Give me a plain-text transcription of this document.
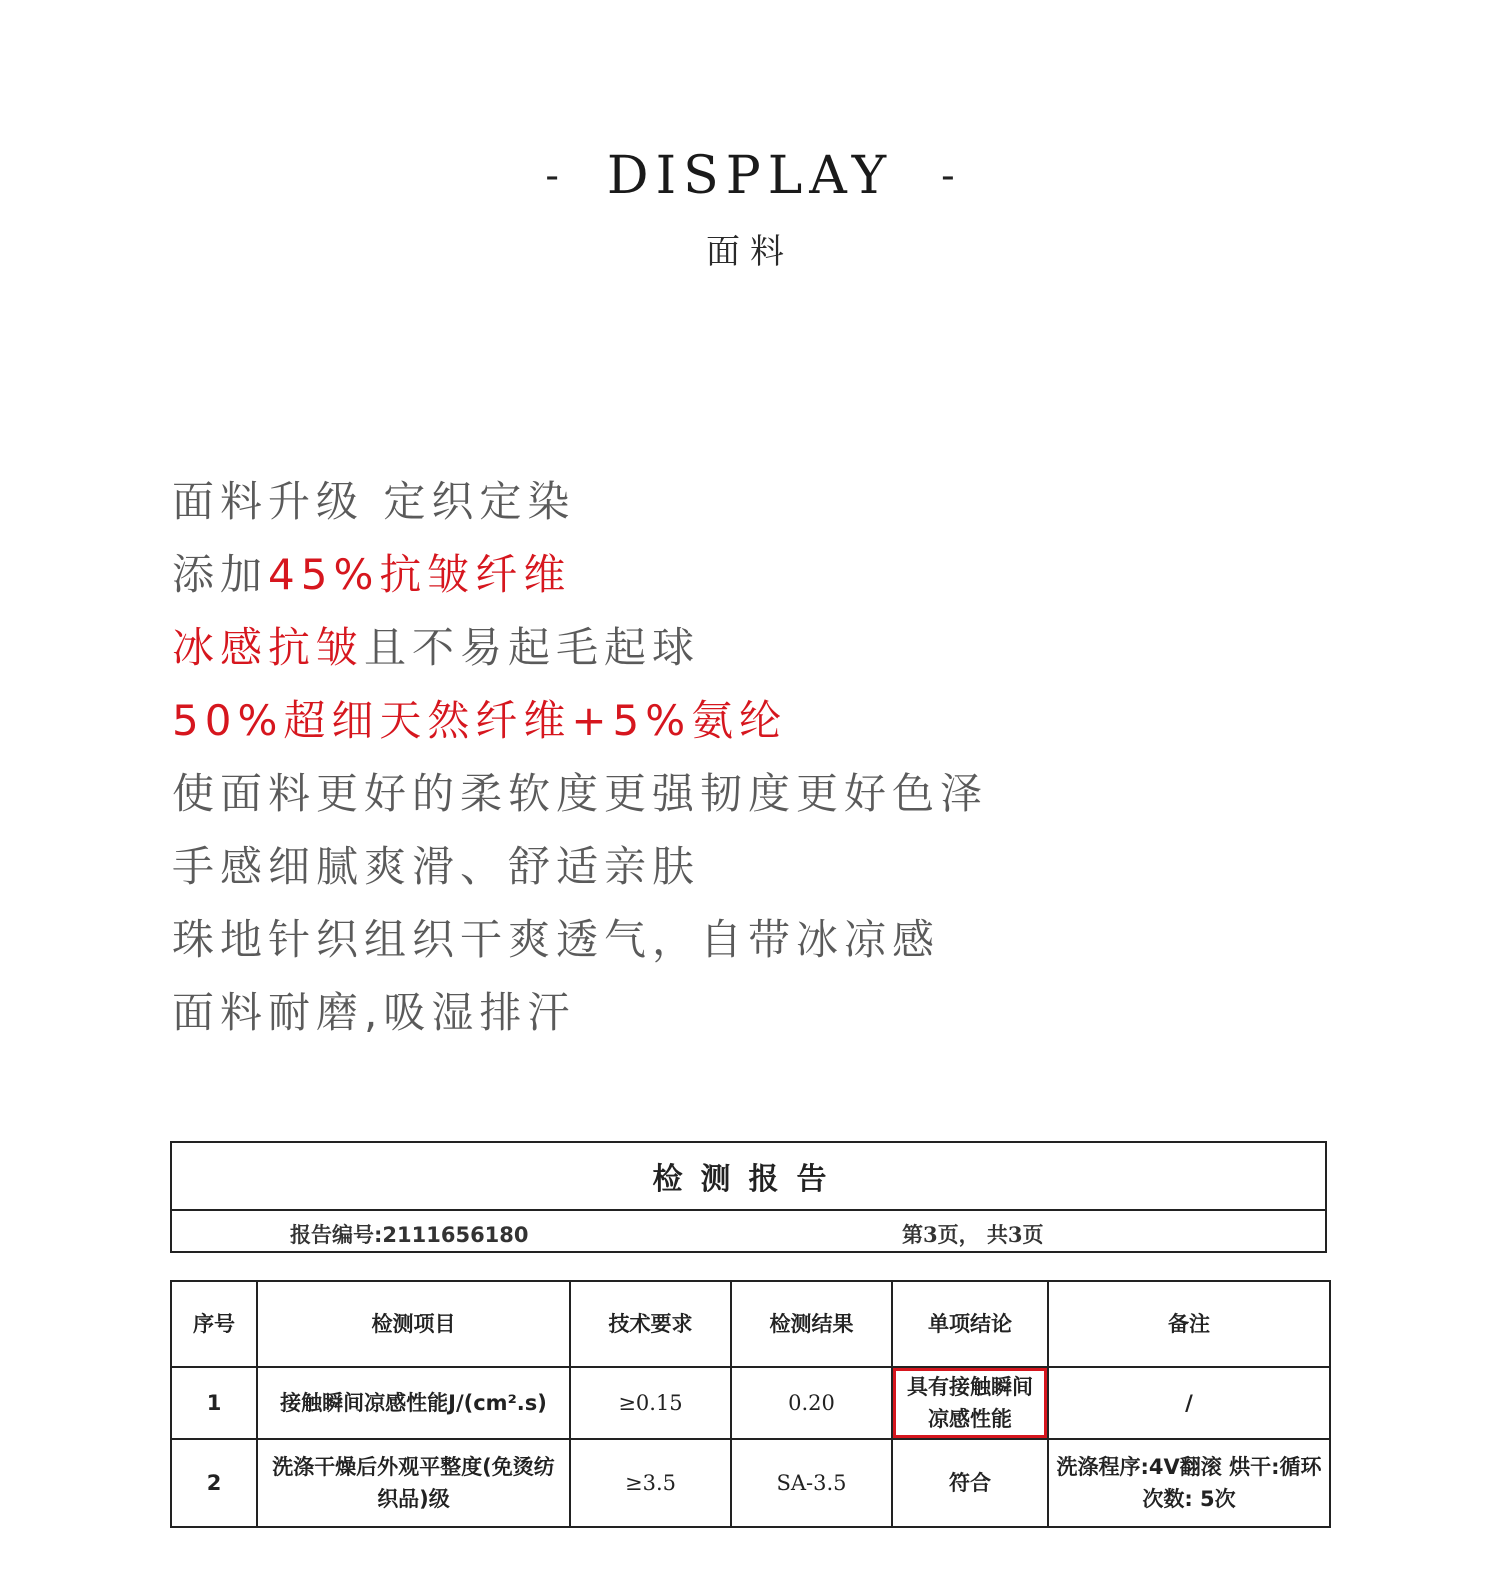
- DISPLAY -
面料
面料升级 定织定染
添加45%抗皱纤维
冰感抗皱且不易起毛起球
50%超细天然纤维+5%氨纶
使面料更好的柔软度更强韧度更好色泽
手感细腻爽滑、舒适亲肤
珠地针织组织干爽透气，自带冰凉感
面料耐磨,吸湿排汗
检测报告
报告编号:2111656180	第3页， 共3页
序号	检测项目	技术要求	检测结果	单项结论	备注
1	接触瞬间凉感性能J/(cm².s)	≥0.15	0.20	具有接触瞬间凉感性能	/
2	洗涤干燥后外观平整度(免烫纺织品)级	≥3.5	SA-3.5	符合	洗涤程序:4V翻滚 烘干:循环次数: 5次
